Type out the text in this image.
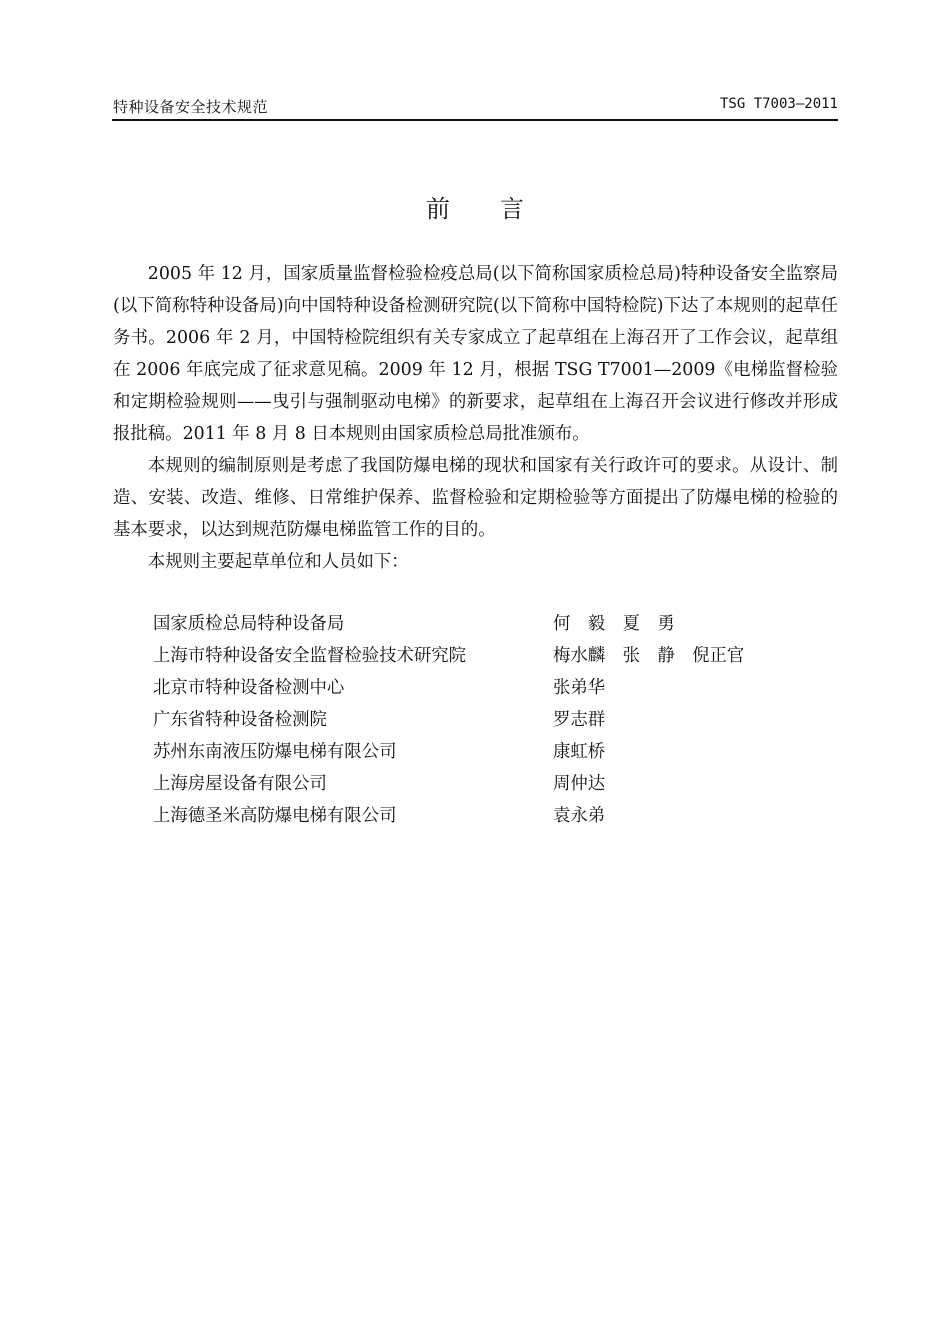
特种设备安全技术规范	TSG T7003—2011
前言

2005 年 12 月，国家质量监督检验检疫总局(以下简称国家质检总局)特种设备安全监察局(以下简称特种设备局)向中国特种设备检测研究院(以下简称中国特检院)下达了本规则的起草任务书。2006 年 2 月，中国特检院组织有关专家成立了起草组在上海召开了工作会议，起草组在 2006 年底完成了征求意见稿。2009 年 12 月，根据 TSG T7001—2009《电梯监督检验和定期检验规则——曳引与强制驱动电梯》的新要求，起草组在上海召开会议进行修改并形成报批稿。2011 年 8 月 8 日本规则由国家质检总局批准颁布。

本规则的编制原则是考虑了我国防爆电梯的现状和国家有关行政许可的要求。从设计、制造、安装、改造、维修、日常维护保养、监督检验和定期检验等方面提出了防爆电梯的检验的基本要求，以达到规范防爆电梯监管工作的目的。

本规则主要起草单位和人员如下：

国家质检总局特种设备局	何　毅　夏　勇
上海市特种设备安全监督检验技术研究院	梅水麟　张　静　倪正官
北京市特种设备检测中心	张弟华
广东省特种设备检测院	罗志群
苏州东南液压防爆电梯有限公司	康虹桥
上海房屋设备有限公司	周仲达
上海德圣米高防爆电梯有限公司	袁永弟
